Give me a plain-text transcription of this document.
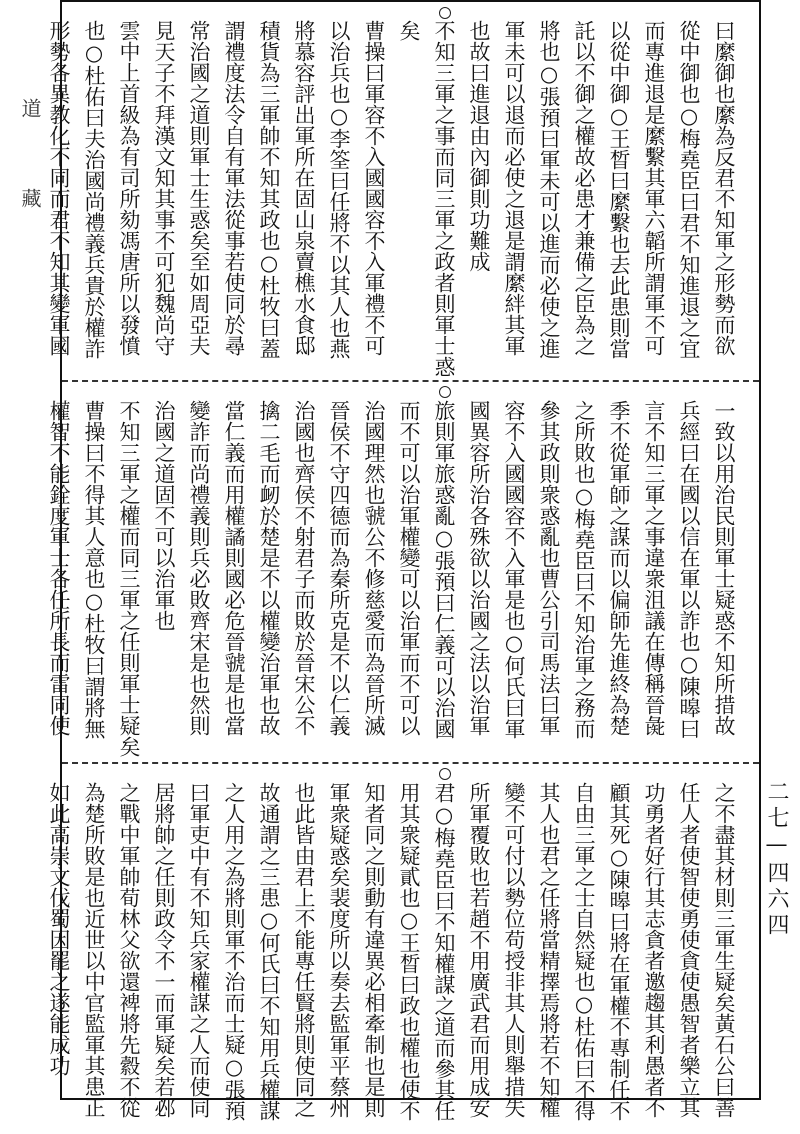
道
藏	曰縻御也縻為反君不知軍之形勢而欲
從中御也○梅堯臣曰君不知進退之宜
而專進退是縻繫其軍六韜所謂軍不可
以從中御○王晳曰縻繫也去此患則當
託以不御之權故必患才兼備之臣為之
將也○張預曰軍未可以進而必使之進
軍未可以退而必使之退是謂縻絆其軍
也故曰進退由內御則功難成
不知三軍之事而同三軍之政者則軍士惑
矣
曹操曰軍容不入國國容不入軍禮不可
以治兵也○李筌曰任將不以其人也燕
將慕容評出軍所在固山泉賣樵水食邸
積貨為三軍帥不知其政也○杜牧曰蓋
謂禮度法令自有軍法從事若使同於尋
常治國之道則軍士生惑矣至如周亞夫
見天子不拜漢文知其事不可犯魏尚守
雲中上首級為有司所劾馮唐所以發憤
也○杜佑曰夫治國尚禮義兵貴於權詐
形勢各異教化不同而君不知其變軍國
一致以用治民則軍士疑惑不知所措故
兵經曰在國以信在軍以詐也○陳暤曰
言不知三軍之事違衆沮議在傳稱晉彘
季不從軍師之謀而以偏師先進終為楚
之所敗也○梅堯臣曰不知治軍之務而
參其政則衆惑亂也曹公引司馬法曰軍
容不入國國容不入軍是也○何氏曰軍
國異容所治各殊欲以治國之法以治軍
旅則軍旅惑亂○張預曰仁義可以治國
而不可以治軍權變可以治軍而不可以
治國理然也虢公不修慈愛而為晉所滅
晉侯不守四德而為秦所克是不以仁義
治國也齊侯不射君子而敗於晉宋公不
擒二毛而衂於楚是不以權變治軍也故
當仁義而用權譎則國必危晉虢是也當
變詐而尚禮義則兵必敗齊宋是也然則
治國之道固不可以治軍也
不知三軍之權而同三軍之任則軍士疑矣
曹操曰不得其人意也○杜牧曰謂將無
權智不能銓度軍士各任所長而雷同使
之不盡其材則三軍生疑矣黃石公曰善
任人者使智使勇使貪使愚智者樂立其
功勇者好行其志貪者邀趨其利愚者不
顧其死○陳暤曰將在軍權不專制任不
自由三軍之士自然疑也○杜佑曰不得
其人也君之任將當精擇焉將若不知權
變不可付以勢位苟授非其人則舉措失
所軍覆敗也若趙不用廣武君而用成安
君○梅堯臣曰不知權謀之道而參其任
用其衆疑貳也○王晳曰政也權也使不
知者同之則動有違異必相牽制也是則
軍衆疑惑矣裴度所以奏去監軍平蔡州
也此皆由君上不能專任賢將則使同之
故通謂之三患○何氏曰不知用兵權謀
之人用之為將則軍不治而士疑○張預
曰軍吏中有不知兵家權謀之人而使同
居將帥之任則政令不一而軍疑矣若邲
之戰中軍帥荀林父欲還裨將先縠不從
為楚所敗是也近世以中官監軍其患正
如此高崇文伐蜀因罷之遂能成功	二七—四六四
